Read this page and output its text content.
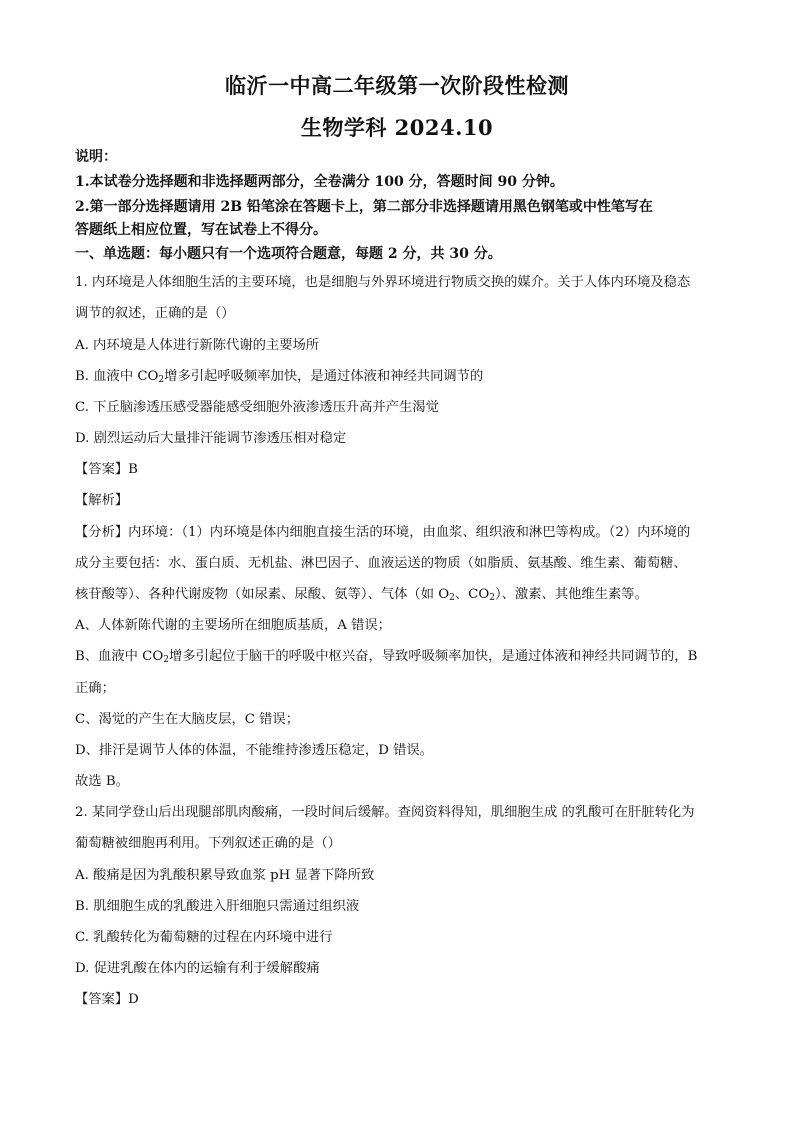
临沂一中高二年级第一次阶段性检测
生物学科 2024.10
说明：
1.本试卷分选择题和非选择题两部分，全卷满分 100 分，答题时间 90 分钟。
2.第一部分选择题请用 2B 铅笔涂在答题卡上，第二部分非选择题请用黑色钢笔或中性笔写在
答题纸上相应位置，写在试卷上不得分。
一、单选题：每小题只有一个选项符合题意，每题 2 分，共 30 分。
1. 内环境是人体细胞生活的主要环境，也是细胞与外界环境进行物质交换的媒介。关于人体内环境及稳态
调节的叙述，正确的是（）
A. 内环境是人体进行新陈代谢的主要场所
B. 血液中 $CO_2$增多引起呼吸频率加快，是通过体液和神经共同调节的
C. 下丘脑渗透压感受器能感受细胞外液渗透压升高并产生渴觉
D. 剧烈运动后大量排汗能调节渗透压相对稳定
【答案】B
【解析】
【分析】内环境：（1）内环境是体内细胞直接生活的环境，由血浆、组织液和淋巴等构成。（2）内环境的
成分主要包括：水、蛋白质、无机盐、淋巴因子、血液运送的物质（如脂质、氨基酸、维生素、葡萄糖、
核苷酸等）、各种代谢废物（如尿素、尿酸、氨等）、气体（如 $O_2$、$CO_2$）、激素、其他维生素等。
A、人体新陈代谢的主要场所在细胞质基质，A 错误；
B、血液中 $CO_2$增多引起位于脑干的呼吸中枢兴奋，导致呼吸频率加快，是通过体液和神经共同调节的，B
正确；
C、渴觉的产生在大脑皮层，C 错误；
D、排汗是调节人体的体温，不能维持渗透压稳定，D 错误。
故选 B。
2. 某同学登山后出现腿部肌肉酸痛，一段时间后缓解。查阅资料得知，肌细胞生成 的乳酸可在肝脏转化为
葡萄糖被细胞再利用。下列叙述正确的是（）
A. 酸痛是因为乳酸积累导致血浆 pH 显著下降所致
B. 肌细胞生成的乳酸进入肝细胞只需通过组织液
C. 乳酸转化为葡萄糖的过程在内环境中进行
D. 促进乳酸在体内的运输有利于缓解酸痛
【答案】D
